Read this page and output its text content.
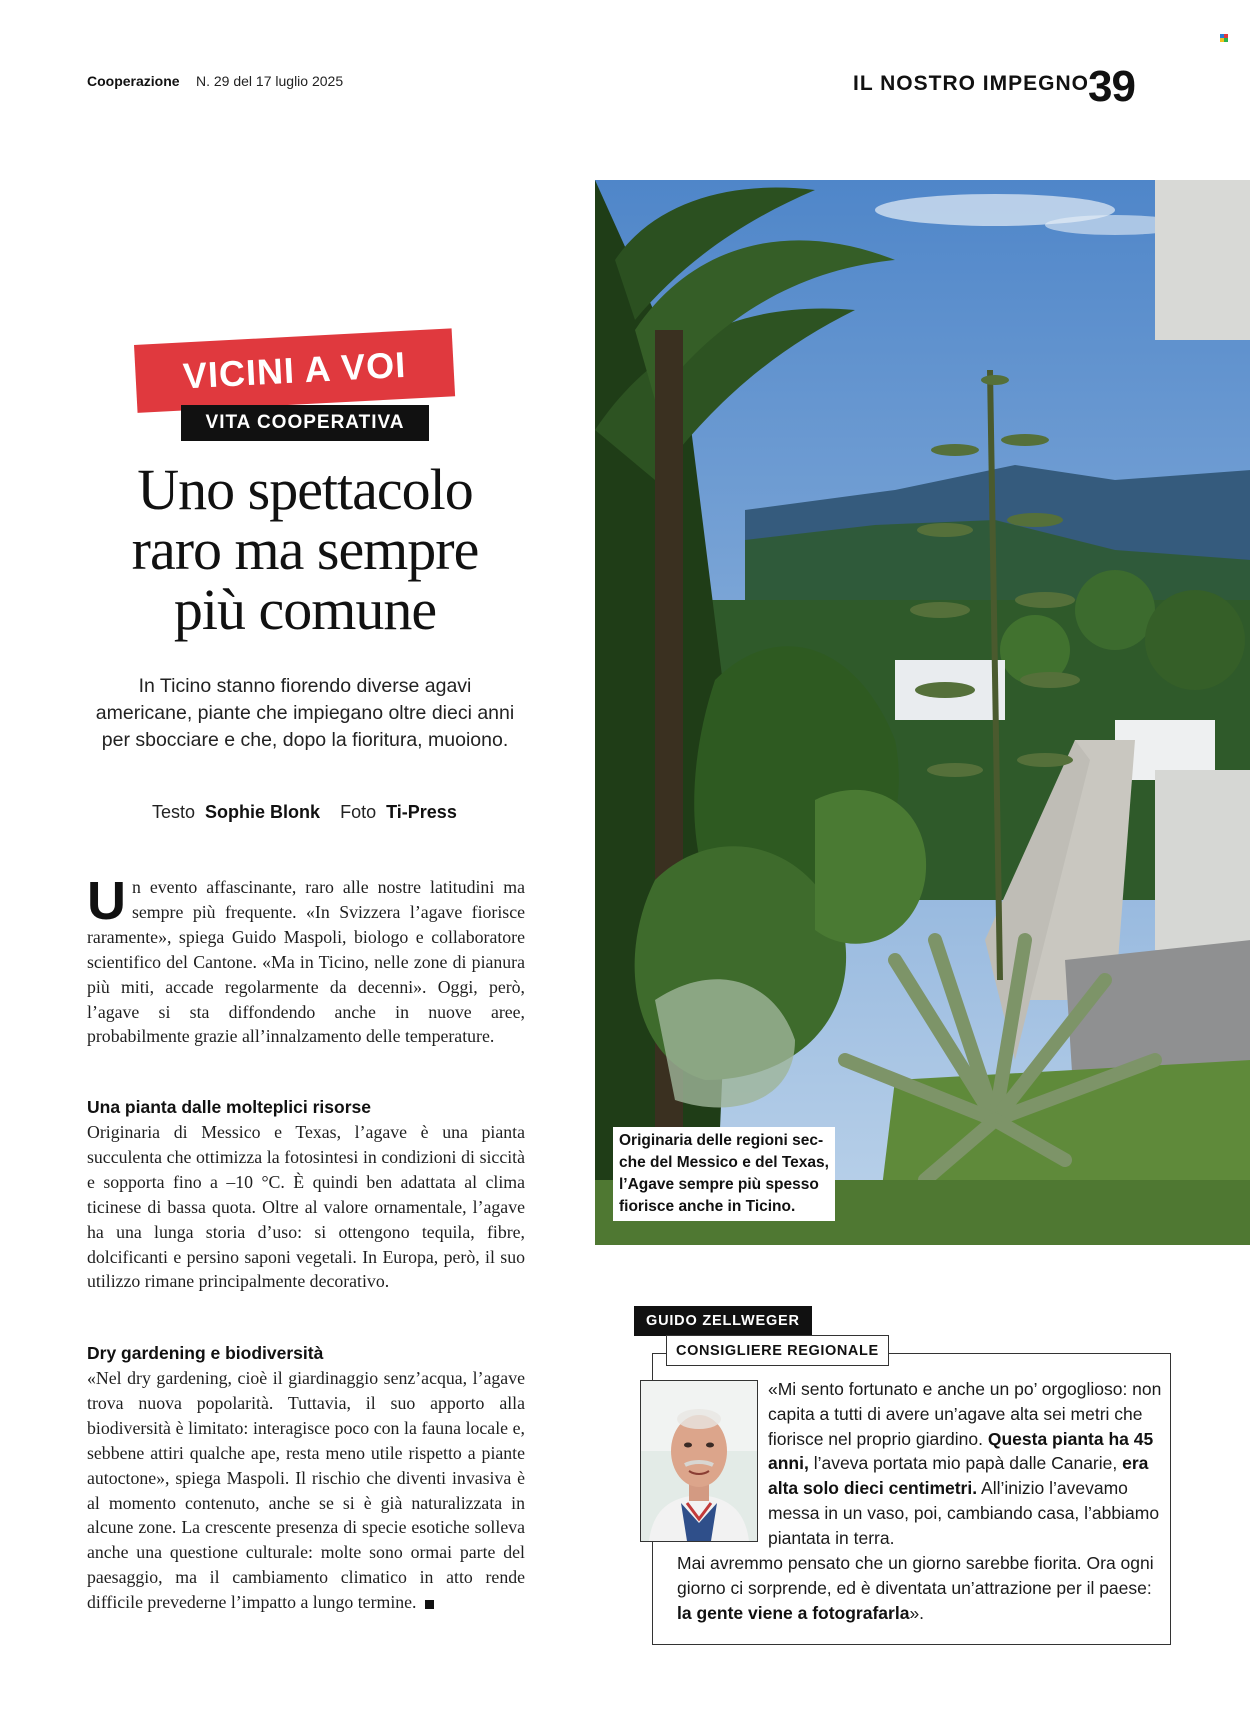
Cooperazione N. 29 del 17 luglio 2025	IL NOSTRO IMPEGNO 39
VICINI A VOI
VITA COOPERATIVA
Uno spettacolo
raro ma sempre
più comune
In Ticino stanno fiorendo diverse agavi americane, piante che impiegano oltre dieci anni per sbocciare e che, dopo la fioritura, muoiono.
Testo Sophie Blonk Foto Ti-Press
Un evento affascinante, raro alle nostre latitudini ma sempre più frequente. «In Svizzera l’agave fiorisce raramente», spiega Guido Maspoli, biologo e collaboratore scientifico del Cantone. «Ma in Ticino, nelle zone di pianura più miti, accade regolarmente da decenni». Oggi, però, l’agave si sta diffondendo anche in nuove aree, probabilmente grazie all’innalzamento delle temperature.
Una pianta dalle molteplici risorse
Originaria di Messico e Texas, l’agave è una pianta succulenta che ottimizza la fotosintesi in condizioni di siccità e sopporta fino a –10 °C. È quindi ben adattata al clima ticinese di bassa quota. Oltre al valore ornamentale, l’agave ha una lunga storia d’uso: si ottengono tequila, fibre, dolcificanti e persino saponi vegetali. In Europa, però, il suo utilizzo rimane principalmente decorativo.
Dry gardening e biodiversità
«Nel dry gardening, cioè il giardinaggio senz’acqua, l’agave trova nuova popolarità. Tuttavia, il suo apporto alla biodiversità è limitato: interagisce poco con la fauna locale e, sebbene attiri qualche ape, resta meno utile rispetto a piante autoctone», spiega Maspoli. Il rischio che diventi invasiva è al momento contenuto, anche se si è già naturalizzata in alcune zone. La crescente presenza di specie esotiche solleva anche una questione culturale: molte sono ormai parte del paesaggio, ma il cambiamento climatico in atto rende difficile prevederne l’impatto a lungo termine.
Originaria delle regioni sec-
che del Messico e del Texas,
l’Agave sempre più spesso
fiorisce anche in Ticino.
GUIDO ZELLWEGER
CONSIGLIERE REGIONALE
«Mi sento fortunato e anche un po’ orgoglioso: non capita a tutti di avere un’agave alta sei metri che fiorisce nel proprio giardino. Questa pianta ha 45 anni, l’aveva portata mio papà dalle Canarie, era alta solo dieci centimetri. All’inizio l’avevamo messa in un vaso, poi, cambiando casa, l’abbiamo piantata in terra.
Mai avremmo pensato che un giorno sarebbe fiorita. Ora ogni giorno ci sorprende, ed è diventata un’attrazione per il paese: la gente viene a fotografarla».
